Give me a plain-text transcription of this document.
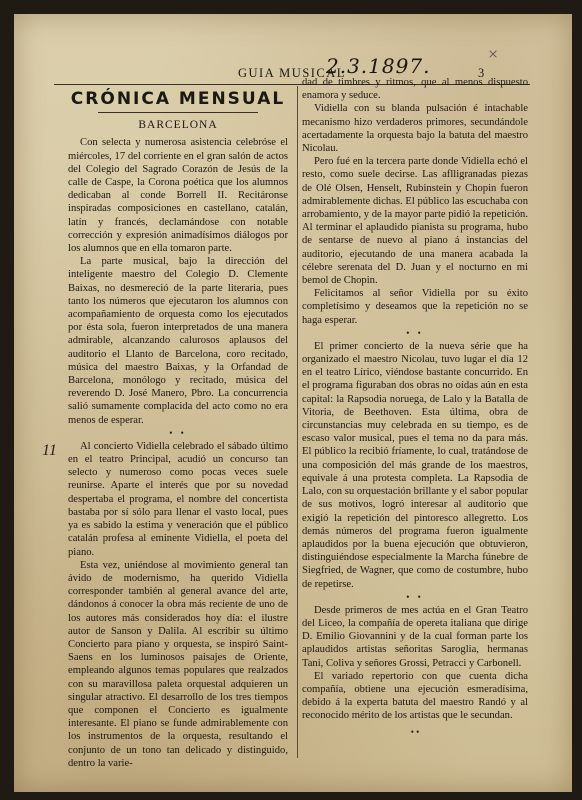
GUIA MUSICAL
2.3.1897.	3
×
11
CRÓNICA MENSUAL
BARCELONA

Con selecta y numerosa asistencia celebróse el miércoles, 17 del corriente en el gran salón de actos del Colegio del Sagrado Corazón de Jesús de la calle de Caspe, la Corona poética que los alumnos dedicaban al conde Borrell II. Recitáronse inspiradas composiciones en castellano, catalán, latín y francés, declamándose con notable corrección y expresión animadísimos diálogos por los alumnos que en ella tomaron parte.

La parte musical, bajo la dirección del inteligente maestro del Colegio D. Clemente Baixas, no desmereció de la parte literaria, pues tanto los números que ejecutaron los alumnos con acompañamiento de orquesta como los ejecutados por ésta sola, fueron interpretados de una manera admirable, alcanzando calurosos aplausos del auditorio el Llanto de Barcelona, coro recitado, música del maestro Baixas, y la Orfandad de Barcelona, monólogo y recitado, música del reverendo D. José Manero, Pbro. La concurrencia salió sumamente complacida del acto como no era menos de esperar.

• •

Al concierto Vidiella celebrado el sábado último en el teatro Principal, acudió un concurso tan selecto y numeroso como pocas veces suele reunirse. Aparte el interés que por su novedad despertaba el programa, el nombre del concertista bastaba por sí sólo para llenar el vasto local, pues ya es sabido la estima y veneración que el público catalán profesa al eminente Vidiella, el poeta del piano.

Esta vez, uniéndose al movimiento general tan ávido de modernismo, ha querido Vidiella corresponder también al general avance del arte, dándonos á conocer la obra más reciente de uno de los autores más considerados hoy día: el ilustre autor de Sanson y Dalila. Al escribir su último Concierto para piano y orquesta, se inspiró Saint-Saens en los luminosos paisajes de Oriente, empleando algunos temas populares que realzados con su maravillosa paleta orquestal adquieren un singular atractivo. El desarrollo de los tres tiempos que componen el Concierto es igualmente interesante. El piano se funde admirablemente con los instrumentos de la orquesta, resultando el conjunto de un tono tan delicado y distinguido, dentro la varie-

dad de timbres y ritmos, que al menos dispuesto enamora y seduce.

Vidiella con su blanda pulsación é intachable mecanismo hizo verdaderos primores, secundándole acertadamente la orquesta bajo la batuta del maestro Nicolau.

Pero fué en la tercera parte donde Vidiella echó el resto, como suele decirse. Las aflligranadas piezas de Olé Olsen, Henselt, Rubinstein y Chopin fueron admirablemente dichas. El público las escuchaba con arrobamiento, y de la mayor parte pidió la repetición. Al terminar el aplaudido pianista su programa, hubo de sentarse de nuevo al piano á instancias del auditorio, ejecutando de una manera acabada la célebre serenata del D. Juan y el nocturno en mi bemol de Chopin.

Felicitamos al señor Vidiella por su éxito completísimo y deseamos que la repetición no se haga esperar.

• •

El primer concierto de la nueva série que ha organizado el maestro Nicolau, tuvo lugar el día 12 en el teatro Lírico, viéndose bastante concurrido. En el programa figuraban dos obras no oídas aún en esta capital: la Rapsodia noruega, de Lalo y la Batalla de Vitoria, de Beethoven. Esta última, obra de circunstancias muy celebrada en su tiempo, es de escaso valor musical, pues el tema no da para más. El público la recibió fríamente, lo cual, tratándose de una composición del más grande de los maestros, equivale á una protesta completa. La Rapsodia de Lalo, con su orquestación brillante y el sabor popular de sus motivos, logró interesar al auditorio que exigió la repetición del pintoresco allegretto. Los demás números del programa fueron igualmente aplaudidos por la buena ejecución que obtuvieron, distinguiéndose especialmente la Marcha fúnebre de Siegfried, de Wagner, que como de costumbre, hubo de repetirse.

• •

Desde primeros de mes actúa en el Gran Teatro del Liceo, la compañía de opereta italiana que dirige D. Emilio Giovannini y de la cual forman parte los aplaudidos artistas señoritas Saroglia, hermanas Tani, Coliva y señores Grossi, Petracci y Carbonell.

El variado repertorio con que cuenta dicha compañía, obtiene una ejecución esmeradísima, debido á la experta batuta del maestro Randó y al reconocido mérito de los artistas que le secundan.

• •
